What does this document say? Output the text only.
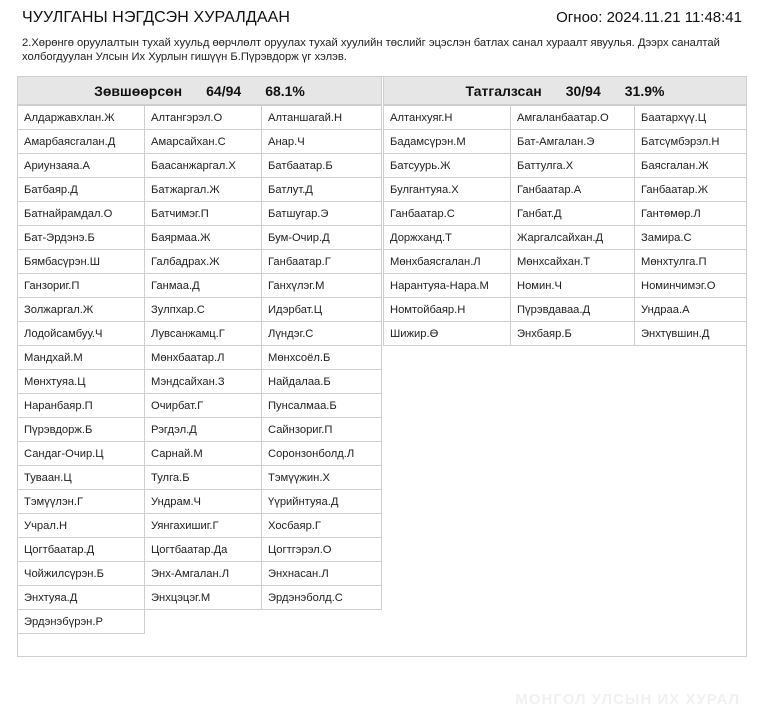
ЧУУЛГАНЫ НЭГДСЭН ХУРАЛДААН	Огноо: 2024.11.21 11:48:41
2.Хөрөнгө оруулалтын тухай хуульд өөрчлөлт оруулах тухай хуулийн төслийг эцэслэн батлах санал хураалт явуулья. Дээрх саналтай холбогдуулан Улсын Их Хурлын гишүүн Б.Пүрэвдорж үг хэлэв.
Зөвшөөрсөн 64/94 68.1%
Алдаржавхлан.Ж	Алтангэрэл.О	Алтаншагай.Н
Амарбаясгалан.Д	Амарсайхан.С	Анар.Ч
Ариунзаяа.А	Баасанжаргал.Х	Батбаатар.Б
Батбаяр.Д	Батжаргал.Ж	Батлут.Д
Батнайрамдал.О	Батчимэг.П	Батшугар.Э
Бат-Эрдэнэ.Б	Баярмаа.Ж	Бум-Очир.Д
Бямбасүрэн.Ш	Галбадрах.Ж	Ганбаатар.Г
Ганзориг.П	Ганмаа.Д	Ганхүлэг.М
Золжаргал.Ж	Зулпхар.С	Идэрбат.Ц
Лодойсамбуу.Ч	Лувсанжамц.Г	Лүндэг.С
Мандхай.М	Мөнхбаатар.Л	Мөнхсоёл.Б
Мөнхтуяа.Ц	Мэндсайхан.З	Найдалаа.Б
Наранбаяр.П	Очирбат.Г	Пунсалмаа.Б
Пүрэвдорж.Б	Рэгдэл.Д	Сайнзориг.П
Сандаг-Очир.Ц	Сарнай.М	Соронзонболд.Л
Туваан.Ц	Тулга.Б	Тэмүүжин.Х
Тэмүүлэн.Г	Ундрам.Ч	Үүрийнтуяа.Д
Учрал.Н	Уянгахишиг.Г	Хосбаяр.Г
Цогтбаатар.Д	Цогтбаатар.Да	Цогтгэрэл.О
Чойжилсүрэн.Б	Энх-Амгалан.Л	Энхнасан.Л
Энхтуяа.Д	Энхцэцэг.М	Эрдэнэболд.С
Эрдэнэбүрэн.Р
Татгалзсан 30/94 31.9%
Алтанхуяг.Н	Амгаланбаатар.О	Баатархүү.Ц
Бадамсүрэн.М	Бат-Амгалан.Э	Батсүмбэрэл.Н
Батсуурь.Ж	Баттулга.Х	Баясгалан.Ж
Булгантуяа.Х	Ганбаатар.А	Ганбаатар.Ж
Ганбаатар.С	Ганбат.Д	Гантөмөр.Л
Доржханд.Т	Жаргалсайхан.Д	Замира.С
Мөнхбаясгалан.Л	Мөнхсайхан.Т	Мөнхтулга.П
Нарантуяа-Нара.М	Номин.Ч	Номинчимэг.О
Номтойбаяр.Н	Пүрэвдаваа.Д	Ундраа.А
Шижир.Ө	Энхбаяр.Б	Энхтүвшин.Д
МОНГОЛ УЛСЫН ИХ ХУРАЛ
